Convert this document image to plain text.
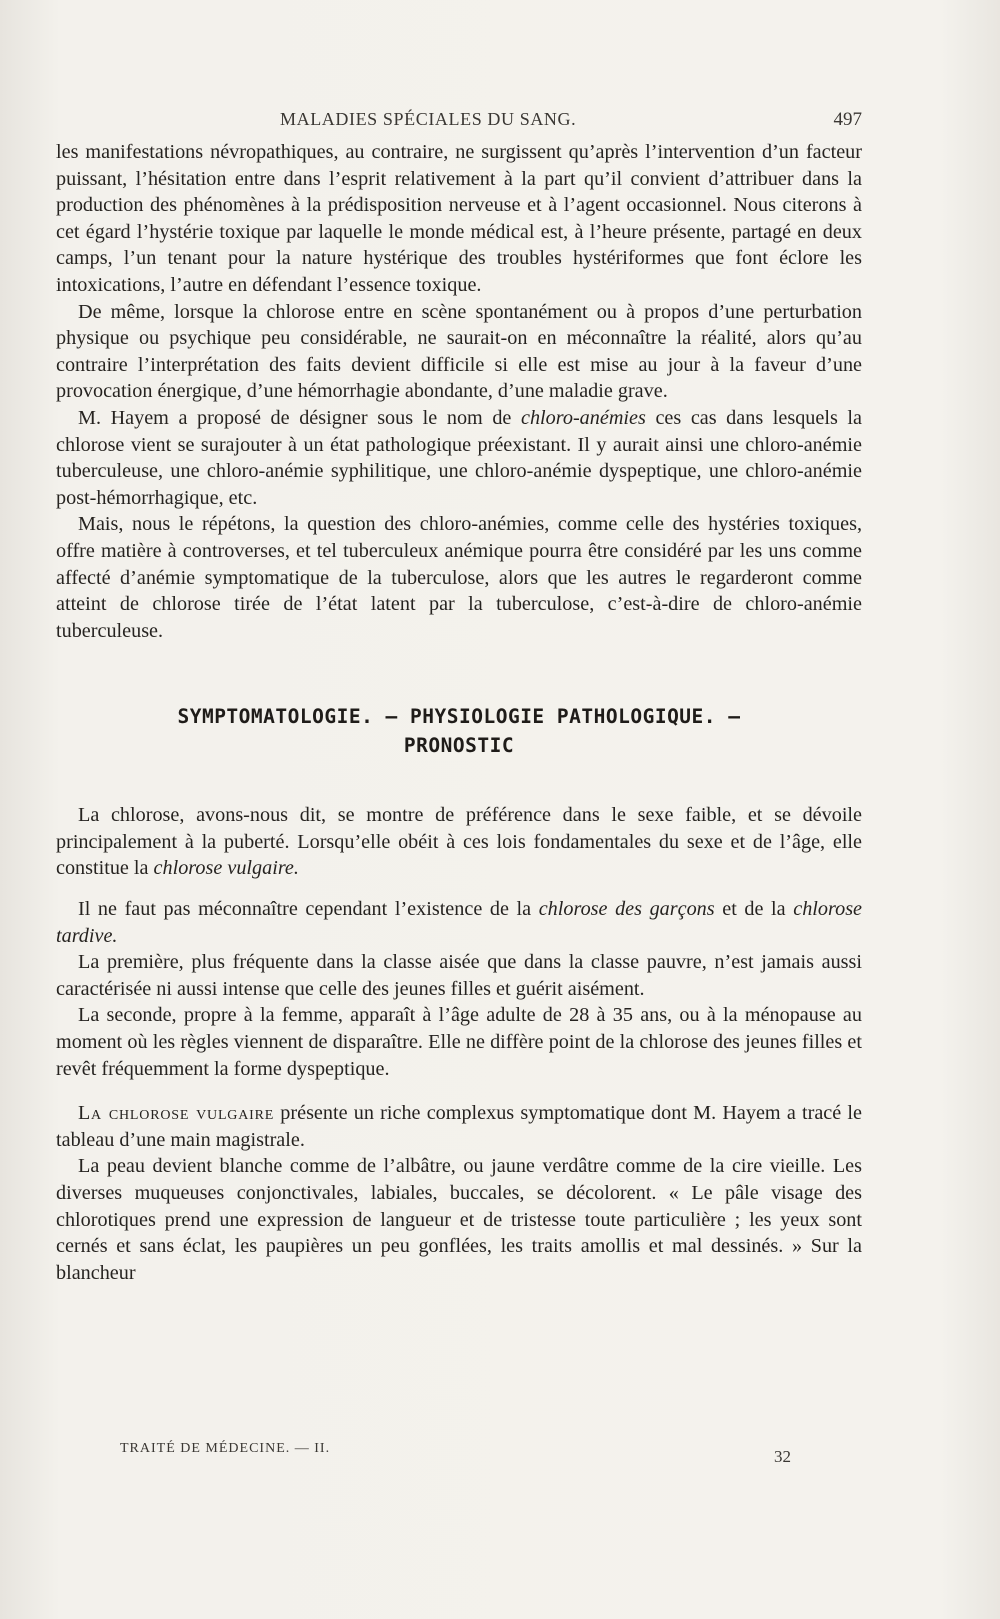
MALADIES SPÉCIALES DU SANG.	497

les manifestations névropathiques, au contraire, ne surgissent qu’après l’intervention d’un facteur puissant, l’hésitation entre dans l’esprit relativement à la part qu’il convient d’attribuer dans la production des phénomènes à la prédisposition nerveuse et à l’agent occasionnel. Nous citerons à cet égard l’hystérie toxique par laquelle le monde médical est, à l’heure présente, partagé en deux camps, l’un tenant pour la nature hystérique des troubles hystériformes que font éclore les intoxications, l’autre en défendant l’essence toxique.

De même, lorsque la chlorose entre en scène spontanément ou à propos d’une perturbation physique ou psychique peu considérable, ne saurait-on en méconnaître la réalité, alors qu’au contraire l’interprétation des faits devient difficile si elle est mise au jour à la faveur d’une provocation énergique, d’une hémorrhagie abondante, d’une maladie grave.

M. Hayem a proposé de désigner sous le nom de chloro-anémies ces cas dans lesquels la chlorose vient se surajouter à un état pathologique préexistant. Il y aurait ainsi une chloro-anémie tuberculeuse, une chloro-anémie syphilitique, une chloro-anémie dyspeptique, une chloro-anémie post-hémorrhagique, etc.

Mais, nous le répétons, la question des chloro-anémies, comme celle des hystéries toxiques, offre matière à controverses, et tel tuberculeux anémique pourra être considéré par les uns comme affecté d’anémie symptomatique de la tuberculose, alors que les autres le regarderont comme atteint de chlorose tirée de l’état latent par la tuberculose, c’est-à-dire de chloro-anémie tuberculeuse.

SYMPTOMATOLOGIE. — PHYSIOLOGIE PATHOLOGIQUE. —
PRONOSTIC

La chlorose, avons-nous dit, se montre de préférence dans le sexe faible, et se dévoile principalement à la puberté. Lorsqu’elle obéit à ces lois fondamentales du sexe et de l’âge, elle constitue la chlorose vulgaire.

Il ne faut pas méconnaître cependant l’existence de la chlorose des garçons et de la chlorose tardive.

La première, plus fréquente dans la classe aisée que dans la classe pauvre, n’est jamais aussi caractérisée ni aussi intense que celle des jeunes filles et guérit aisément.

La seconde, propre à la femme, apparaît à l’âge adulte de 28 à 35 ans, ou à la ménopause au moment où les règles viennent de disparaître. Elle ne diffère point de la chlorose des jeunes filles et revêt fréquemment la forme dyspeptique.

La chlorose vulgaire présente un riche complexus symptomatique dont M. Hayem a tracé le tableau d’une main magistrale.

La peau devient blanche comme de l’albâtre, ou jaune verdâtre comme de la cire vieille. Les diverses muqueuses conjonctivales, labiales, buccales, se décolorent. « Le pâle visage des chlorotiques prend une expression de langueur et de tristesse toute particulière ; les yeux sont cernés et sans éclat, les paupières un peu gonflées, les traits amollis et mal dessinés. » Sur la blancheur

TRAITÉ DE MÉDECINE. — II.	32
